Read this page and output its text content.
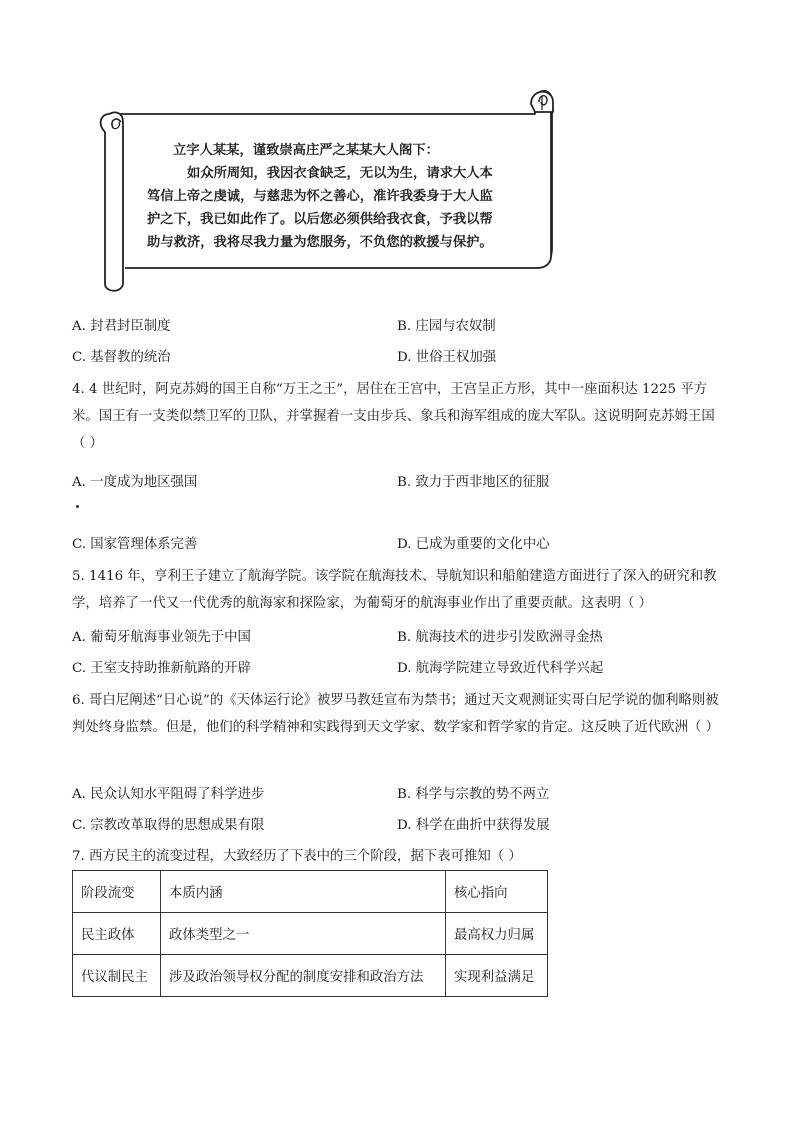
立字人某某，谨致崇高庄严之某某大人阁下：
如众所周知，我因衣食缺乏，无以为生，请求大人本笃信上帝之虔诚，与慈悲为怀之善心，准许我委身于大人监护之下，我已如此作了。以后您必须供给我衣食，予我以帮助与救济，我将尽我力量为您服务，不负您的救援与保护。
A. 封君封臣制度	B. 庄园与农奴制
C. 基督教的统治	D. 世俗王权加强
4. 4 世纪时，阿克苏姆的国王自称“万王之王”，居住在王宫中，王宫呈正方形，其中一座面积达 1225 平方米。国王有一支类似禁卫军的卫队，并掌握着一支由步兵、象兵和海军组成的庞大军队。这说明阿克苏姆王国（ ）
A. 一度成为地区强国	B. 致力于西非地区的征服
C. 国家管理体系完善	D. 已成为重要的文化中心
5. 1416 年，亨利王子建立了航海学院。该学院在航海技术、导航知识和船舶建造方面进行了深入的研究和教学，培养了一代又一代优秀的航海家和探险家，为葡萄牙的航海事业作出了重要贡献。这表明（ ）
A. 葡萄牙航海事业领先于中国	B. 航海技术的进步引发欧洲寻金热
C. 王室支持助推新航路的开辟	D. 航海学院建立导致近代科学兴起
6. 哥白尼阐述“日心说”的《天体运行论》被罗马教廷宣布为禁书；通过天文观测证实哥白尼学说的伽利略则被判处终身监禁。但是，他们的科学精神和实践得到天文学家、数学家和哲学家的肯定。这反映了近代欧洲（ ）
A. 民众认知水平阻碍了科学进步	B. 科学与宗教的势不两立
C. 宗教改革取得的思想成果有限	D. 科学在曲折中获得发展
7. 西方民主的流变过程，大致经历了下表中的三个阶段，据下表可推知（ ）
阶段流变	本质内涵	核心指向
民主政体	政体类型之一	最高权力归属
代议制民主	涉及政治领导权分配的制度安排和政治方法	实现利益满足
